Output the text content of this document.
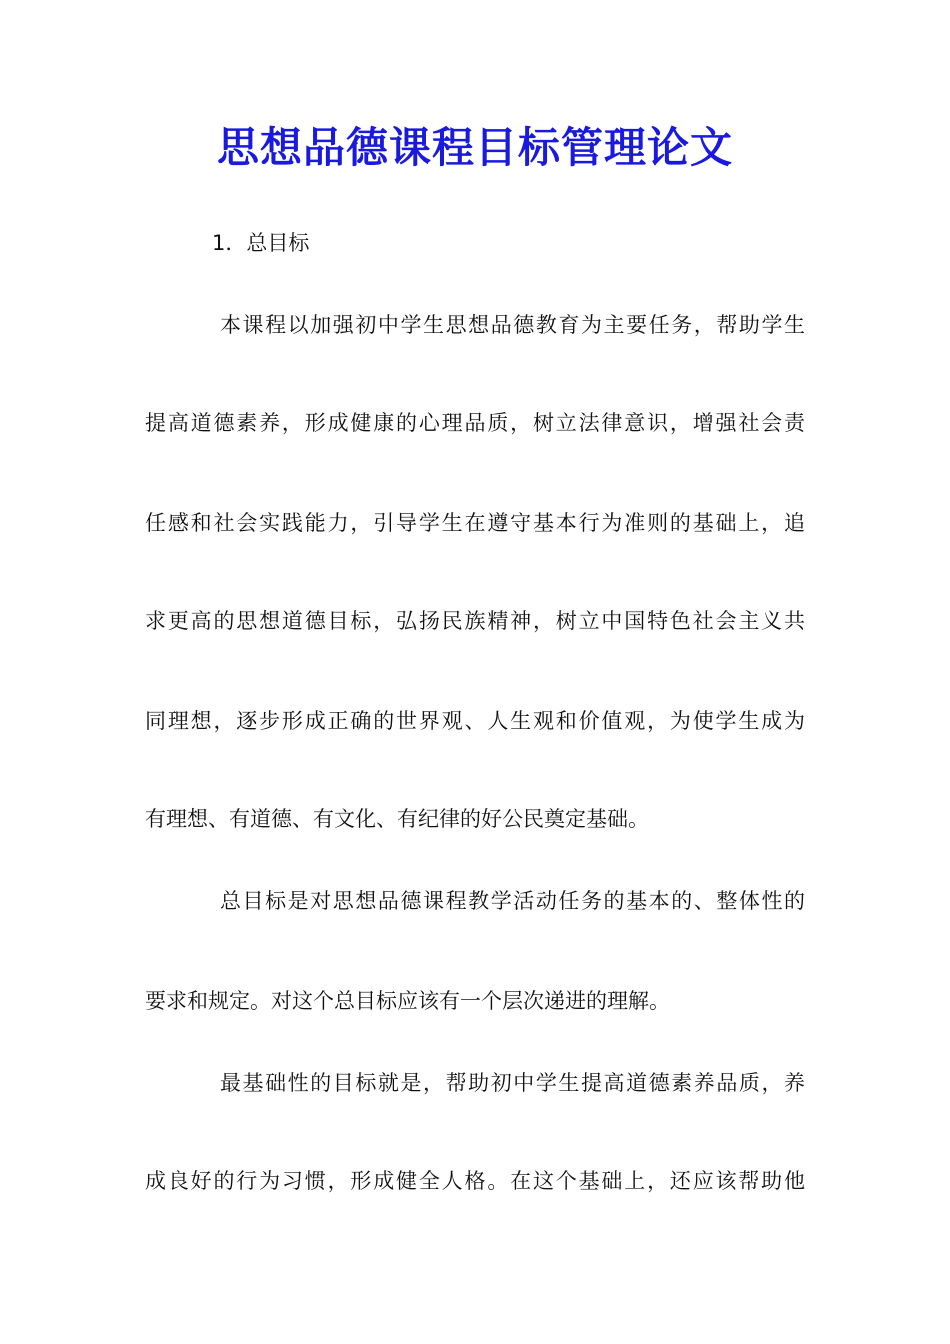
思想品德课程目标管理论文
1．总目标
本课程以加强初中学生思想品德教育为主要任务，帮助学生
提高道德素养，形成健康的心理品质，树立法律意识，增强社会责
任感和社会实践能力，引导学生在遵守基本行为准则的基础上，追
求更高的思想道德目标，弘扬民族精神，树立中国特色社会主义共
同理想，逐步形成正确的世界观、人生观和价值观，为使学生成为
有理想、有道德、有文化、有纪律的好公民奠定基础。
总目标是对思想品德课程教学活动任务的基本的、整体性的
要求和规定。对这个总目标应该有一个层次递进的理解。
最基础性的目标就是，帮助初中学生提高道德素养品质，养
成良好的行为习惯，形成健全人格。在这个基础上，还应该帮助他
